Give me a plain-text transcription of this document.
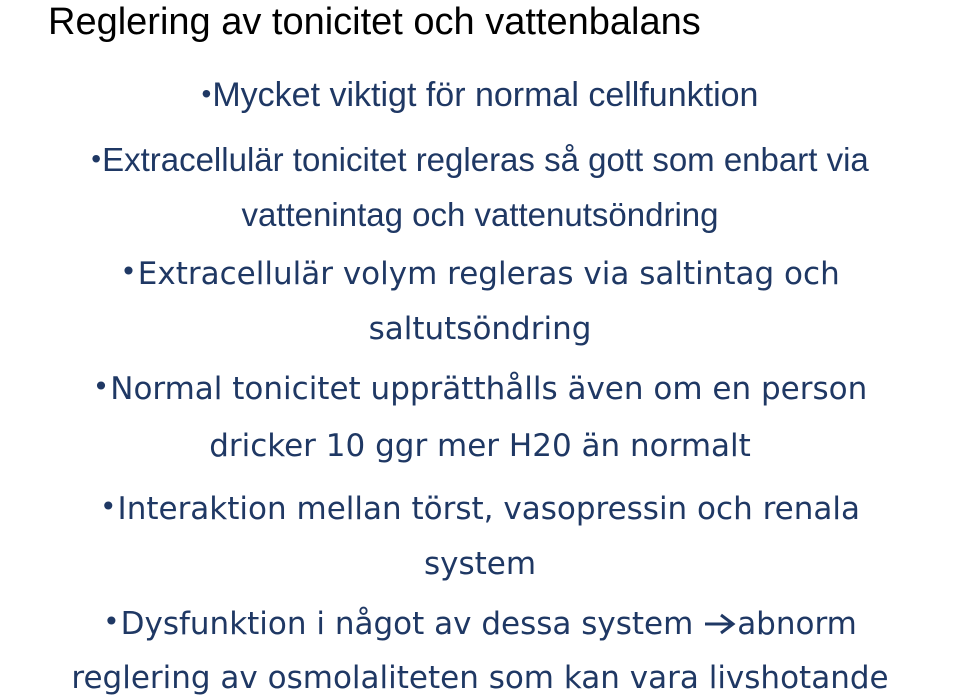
Reglering av tonicitet och vattenbalans

•Mycket viktigt för normal cellfunktion

•Extracellulär tonicitet regleras så gott som enbart via
vattenintag och vattenutsöndring

•Extracellulär volym regleras via saltintag och
saltutsöndring

•Normal tonicitet upprätthålls även om en person
dricker 10 ggr mer H20 än normalt

•Interaktion mellan törst, vasopressin och renala
system

•Dysfunktion i något av dessa system abnorm
reglering av osmolaliteten som kan vara livshotande
